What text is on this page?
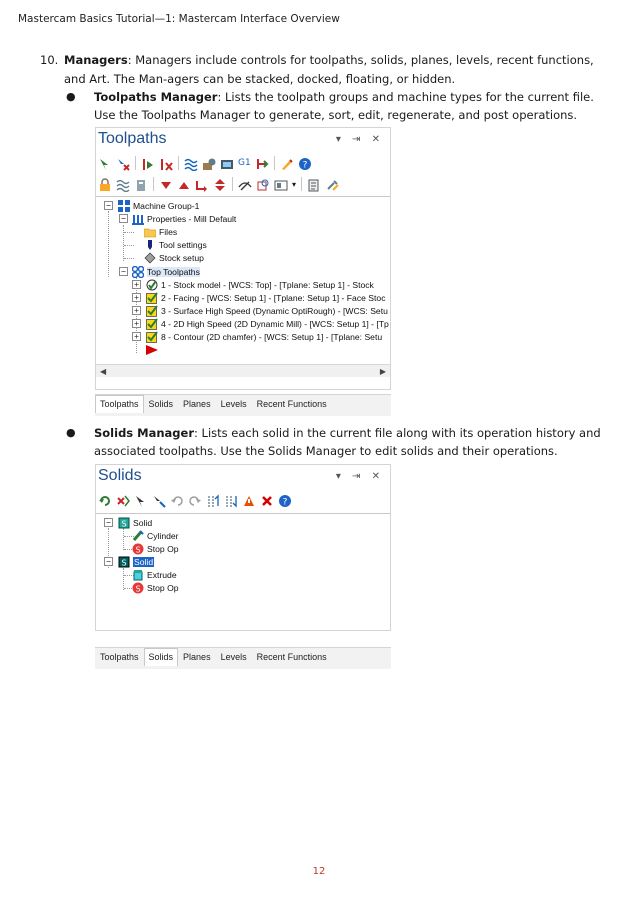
Mastercam Basics Tutorial—1: Mastercam Interface Overview
10. Managers: Managers include controls for toolpaths, solids, planes, levels, recent functions, and Art. The Man-agers can be stacked, docked, floating, or hidden.
● Toolpaths Manager: Lists the toolpath groups and machine types for the current file. Use the Toolpaths Manager to generate, sort, edit, regenerate, and post operations.
Toolpaths	▾ ⇥ ✕
G1	?
▾
−	Machine Group-1
− Properties - Mill Default
Files
Tool settings
Stock setup
− Top Toolpaths
+	1 - Stock model - [WCS: Top] - [Tplane: Setup 1] - Stock
+	2 - Facing - [WCS: Setup 1] - [Tplane: Setup 1] - Face Stoc
+	3 - Surface High Speed (Dynamic OptiRough) - [WCS: Setu
+	4 - 2D High Speed (2D Dynamic Mill) - [WCS: Setup 1] - [Tp
+	8 - Contour (2D chamfer) - [WCS: Setup 1] - [Tplane: Setu
◀	▶
Toolpaths	Solids	Planes	Levels	Recent Functions
● Solids Manager: Lists each solid in the current file along with its operation history and associated toolpaths. Use the Solids Manager to edit solids and their operations.
Solids	▾ ⇥ ✕
?
− S Solid
Cylinder
S Stop Op
− S Solid
Extrude
S Stop Op
Toolpaths	Solids	Planes	Levels	Recent Functions
12
